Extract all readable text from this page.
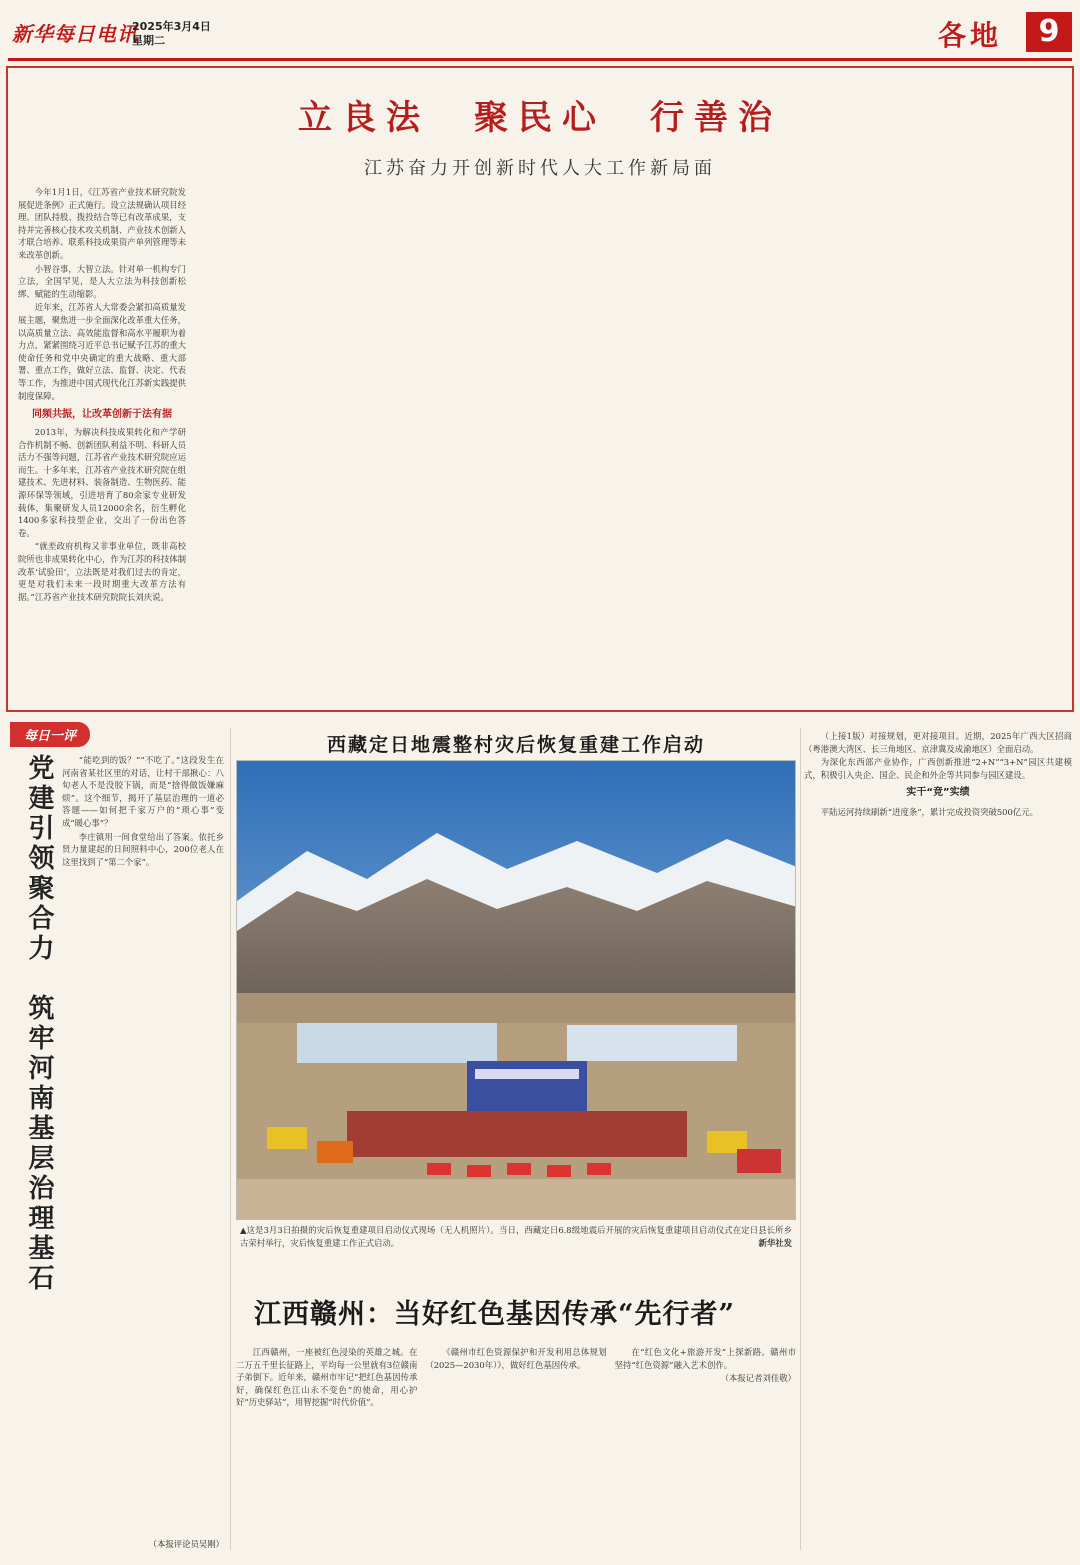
新华每日电讯
2025年3月4日
星期二	各地	9
立良法　聚民心　行善治
江苏奋力开创新时代人大工作新局面

今年1月1日，《江苏省产业技术研究院发展促进条例》正式施行。设立法规确认项目经理、团队持股、拨投结合等已有改革成果，支持并完善核心技术攻关机制、产业技术创新人才联合培养、联系科技成果资产单列管理等未来改革创新。

小智谷事，大智立法。针对单一机构专门立法，全国罕见，是人大立法为科技创新松绑、赋能的生动缩影。

近年来，江苏省人大常委会紧扣高质量发展主题，聚焦进一步全面深化改革重大任务，以高质量立法、高效能监督和高水平履职为着力点，紧紧围绕习近平总书记赋予江苏的重大使命任务和党中央确定的重大战略、重大部署、重点工作，做好立法、监督、决定、代表等工作，为推进中国式现代化江苏新实践提供制度保障。

同频共振，让改革创新于法有据

2013年，为解决科技成果转化和产学研合作机制不畅、创新团队利益不明、科研人员活力不强等问题，江苏省产业技术研究院应运而生。十多年来，江苏省产业技术研究院在组建技术、先进材料、装备制造、生物医药、能源环保等领域，引进培育了80余家专业研发载体，集聚研发人员12000余名，衍生孵化1400多家科技型企业，交出了一份出色答卷。

“就差政府机构又非事业单位，既非高校院所也非成果转化中心，作为江苏的科技体制改革‘试验田’，立法既是对我们过去的肯定，更是对我们未来一段时期重大改革方法有据。”江苏省产业技术研究院院长刘庆说。

每日一评
党建引领聚合力　筑牢河南基层治理基石	“能吃到的饭？”“不吃了。”这段发生在河南省某社区里的对话，让村干部揪心：八旬老人不是没胶下锅，而是“捨得做饭嫌麻烦”。这个细节，揭开了基层治理的一道必答题——如何把千家万户的“琐心事”变成“暖心事”？

李庄镇用一间食堂给出了答案。依托乡贤力量建起的日间照料中心，200位老人在这里找到了“第二个家”。

（本报评论员吴刚）
西藏定日地震整村灾后恢复重建工作启动
▲这是3月3日拍摄的灾后恢复重建项目启动仪式现场（无人机照片）。当日，西藏定日6.8级地震后开展的灾后恢复重建项目启动仪式在定日县长所乡古荣村举行，灾后恢复重建工作正式启动。	新华社发
江西赣州：当好红色基因传承“先行者”

江西赣州，一座被红色浸染的英雄之城。在二万五千里长征路上，平均每一公里就有3位赣南子弟倒下。近年来，赣州市牢记“把红色基因传承好，确保红色江山永不变色”的使命，用心护好“历史驿站”，用智挖掘“时代价值”。

《赣州市红色资源保护和开发利用总体规划（2025—2030年）》，做好红色基因传承。

在“红色文化+旅游开发”上探新路。赣州市坚持“红色资源”融入艺术创作。

（本报记者刘佳敬）

（上接1版）对接规划，更对接项目。近期，2025年广西大区招商（粤港澳大湾区、长三角地区、京津冀及成渝地区）全面启动。

为深化东西部产业协作，广西创新推进“2+N”“3+N”园区共建模式，积极引入央企、国企、民企和外企等共同参与园区建设。

实干“竞”实绩

平陆运河持续刷新“进度条”，累计完成投资突破500亿元。
